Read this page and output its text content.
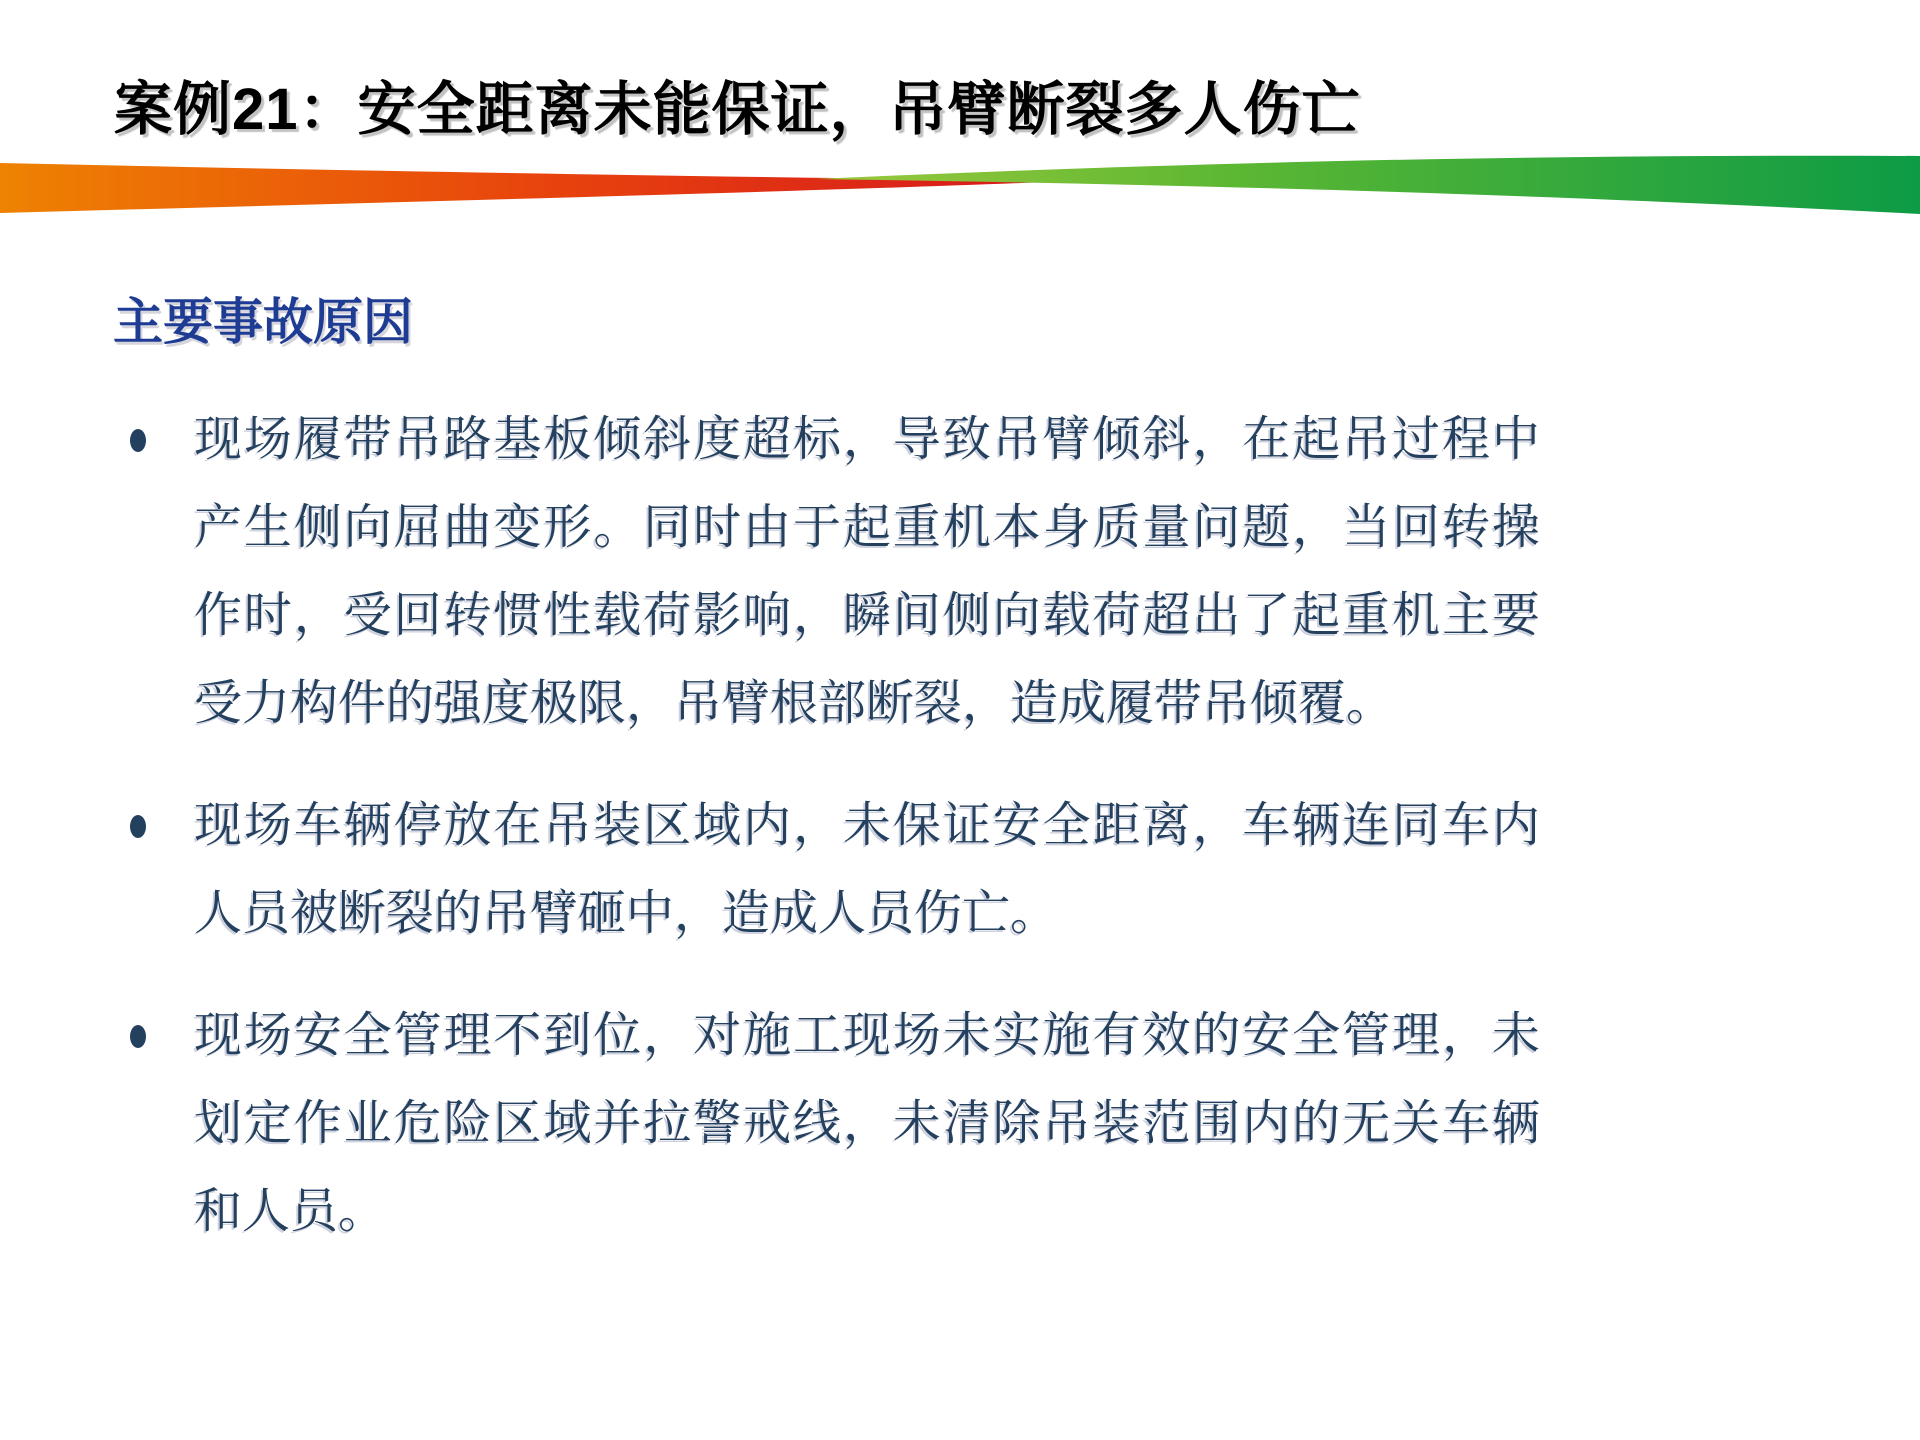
案例21：安全距离未能保证，吊臂断裂多人伤亡
主要事故原因
现场履带吊路基板倾斜度超标，导致吊臂倾斜，在起吊过程中
产生侧向屈曲变形。同时由于起重机本身质量问题，当回转操
作时，受回转惯性载荷影响，瞬间侧向载荷超出了起重机主要
受力构件的强度极限，吊臂根部断裂，造成履带吊倾覆。
现场车辆停放在吊装区域内，未保证安全距离，车辆连同车内
人员被断裂的吊臂砸中，造成人员伤亡。
现场安全管理不到位，对施工现场未实施有效的安全管理，未
划定作业危险区域并拉警戒线，未清除吊装范围内的无关车辆
和人员。
